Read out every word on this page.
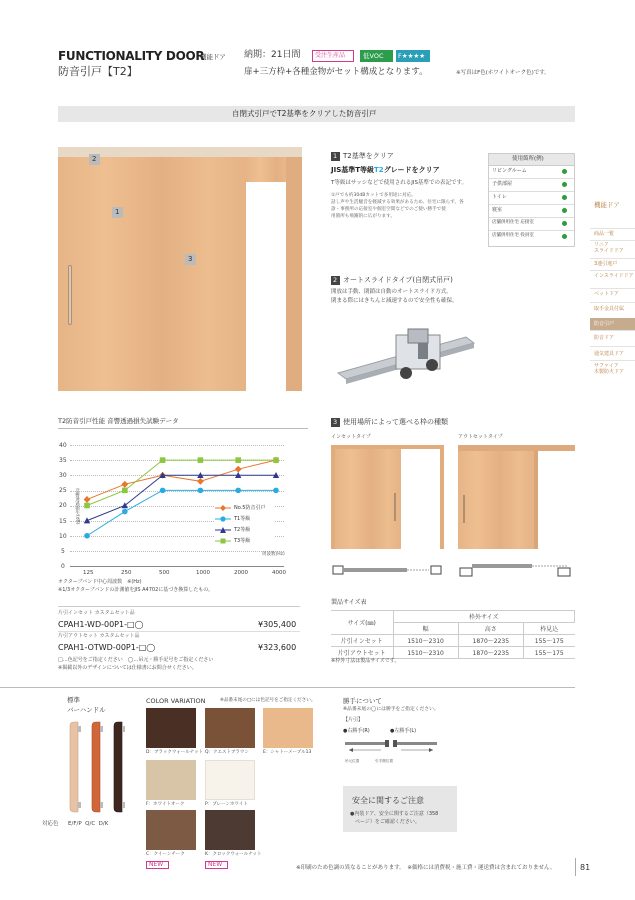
FUNCTIONALITY DOOR
機能ドア
防音引戸【T2】
納期：21日間 受注生産品	低VOC F★★★★
扉+三方枠+各種金物がセット構成となります。	※写真はF色(ホワイトオーク色)です。
自閉式引戸でT2基準をクリアした防音引戸
2
1
3
1 T2基準をクリア
JIS基準T等級T2グレードをクリア
T等級はサッシなどで使用されるJIS基準での表記です。
①戸でも約30dBカットで多用途に対応。
話し声や生活騒音を軽減する効果があるため、住宅に限らず、各
診・事務所の応接室や個室空間などでのご使い勝手で使
用箇所も飛躍的に広がります。
使用箇所(例)
リビングルーム
子供部屋
トイレ
寝室
店舗併用住宅 応接室
店舗併用住宅 役員室
機能ドア
商品一覧
リニア
スライドドア
3連引違戸
インスライドドア
ペットドア
取手金具付属
防音引戸
防音ドア
通気建具ドア
サファイア
木製防火ドア
2 オートスライドタイプ(自閉式吊戸)
開放は手動、閉鎖は自動のオートスライド方式。
閉まる際にはきちんと減速するので安全性も確保。
T2防音引戸性能 音響透過損失試験データ
40
35
30
25
20
15
10
5
0
音響透過損失(dB)
125	250	500	1000	2000	4000
周波数(Hz)
No.5防音引戸
T1等級
T2等級
T3等級
オクターブバンド中心周波数　※(Hz)
※1/3オクターブバンドの計測値をJIS A4702に基づき換算したもの。
片引インセット カスタムセット品
CPAH1-WD-00P1-□◯	¥305,400
片引アウトセット カスタムセット品
CPAH1-OTWD-00P1-□◯	¥323,600
□…色記号をご指定ください　◯…吊元・勝手記号をご指定ください
※掲載以外のデザインについては仕様書にお問合せください。
3 使用場所によって選べる枠の種類
インセットタイプ	アウトセットタイプ
製品サイズ表
サイズ(㎜)	枠外サイズ		
	幅	高さ	枠見込
片引インセット	1510～2310	1870～2235	155～175
片引アウトセット	1510～2310	1870～2235	155～175
※枠外寸法は製品サイズです。
標準
バーハンドル
対応色 E/F/P  Q/C  D/K
COLOR VARIATION	※品番末尾の□には色記号をご指定ください。
D：ブラックウォールナット Q：クエストブラウン	E：シャトーメープル13
F：ホワイトオーク	P：プレーンホワイト
C：クイーンチーク	K：クロックウォールナット
NEW	NEW
勝手について
※品番末尾の◯には勝手をご指定ください。
【片引】
●右勝手(R)	●左勝手(L)
吊元位置	引手側位置
安全に関するご注意
●内装ドア、安全に関するご注意（358
　ページ）をご確認ください。
※印刷のため色調の異なることがあります。　※価格には消費税・施工費・運送費は含まれておりません。	81
